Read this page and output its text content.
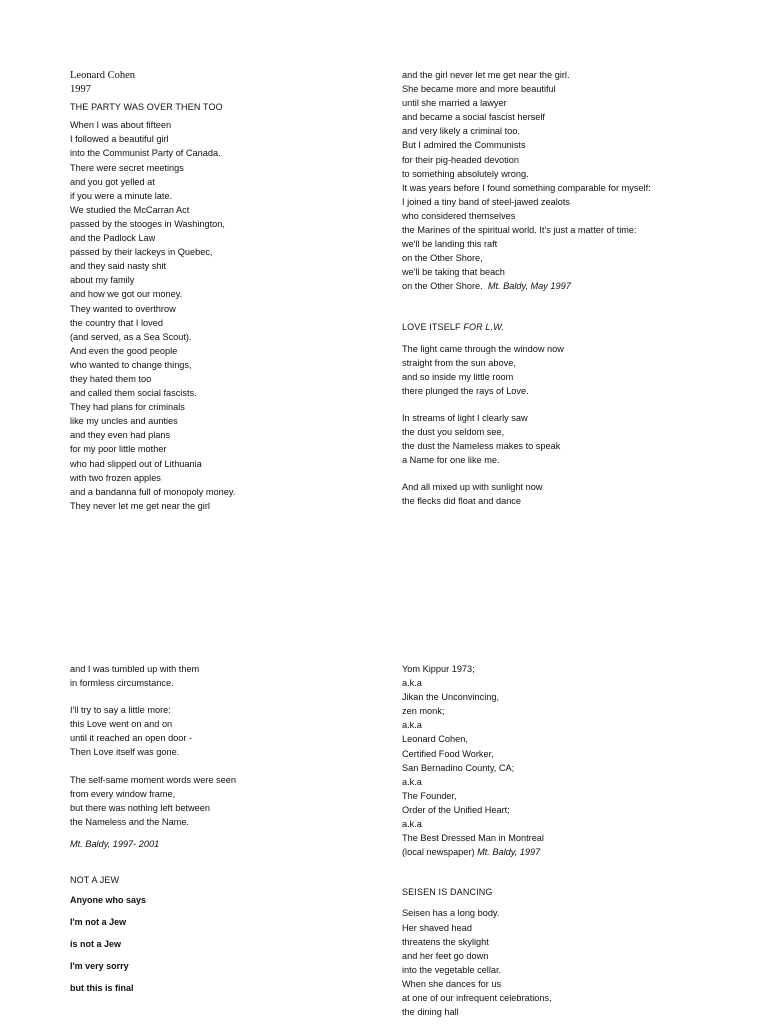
Leonard Cohen
1997
THE PARTY WAS OVER THEN TOO
When I was about fifteen
I followed a beautiful girl
into the Communist Party of Canada.
There were secret meetings
and you got yelled at
if you were a minute late.
We studied the McCarran Act
passed by the stooges in Washington,
and the Padlock Law
passed by their lackeys in Quebec,
and they said nasty shit
about my family
and how we got our money.
They wanted to overthrow
the country that I loved
(and served, as a Sea Scout).
And even the good people
who wanted to change things,
they hated them too
and called them social fascists.
They had plans for criminals
like my uncles and aunties
and they even had plans
for my poor little mother
who had slipped out of Lithuania
with two frozen apples
and a bandanna full of monopoly money.
They never let me get near the girl
and the girl never let me get near the girl.
She became more and more beautiful
until she married a lawyer
and became a social fascist herself
and very likely a criminal too.
But I admired the Communists
for their pig-headed devotion
to something absolutely wrong.
It was years before I found something comparable for myself:
I joined a tiny band of steel-jawed zealots
who considered themselves
the Marines of the spiritual world. It's just a matter of time:
we'll be landing this raft
on the Other Shore,
we'll be taking that beach
on the Other Shore. Mt. Baldy, May 1997
LOVE ITSELF FOR L.W.
The light came through the window now
straight from the sun above,
and so inside my little room
there plunged the rays of Love.
In streams of light I clearly saw
the dust you seldom see,
the dust the Nameless makes to speak
a Name for one like me.
And all mixed up with sunlight now
the flecks did float and dance
and I was tumbled up with them
in formless circumstance.
I'll try to say a little more:
this Love went on and on
until it reached an open door -
Then Love itself was gone.
The self-same moment words were seen
from every window frame,
but there was nothing left between
the Nameless and the Name.
Mt. Baldy, 1997- 2001
NOT A JEW
Anyone who says
I'm not a Jew
is not a Jew
I'm very sorry
but this is final
Yom Kippur 1973;
a.k.a
Jikan the Unconvincing,
zen monk;
a.k.a
Leonard Cohen,
Certified Food Worker,
San Bernadino County, CA;
a.k.a
The Founder,
Order of the Unified Heart;
a.k.a
The Best Dressed Man in Montreal
(local newspaper) Mt. Baldy, 1997
SEISEN IS DANCING
Seisen has a long body.
Her shaved head
threatens the skylight
and her feet go down
into the vegetable cellar.
When she dances for us
at one of our infrequent celebrations,
the dining hall
